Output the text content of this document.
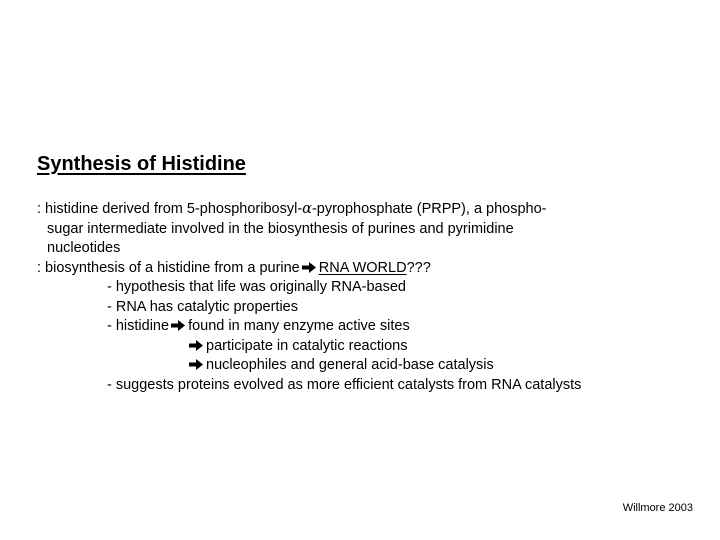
Synthesis of Histidine
: histidine derived from 5-phosphoribosyl-α-pyrophosphate (PRPP), a phospho-
sugar intermediate involved in the biosynthesis of purines and pyrimidine
nucleotides
: biosynthesis of a histidine from a purine RNA WORLD???
- hypothesis that life was originally RNA-based
- RNA has catalytic properties
- histidine found in many enzyme active sites
participate in catalytic reactions
nucleophiles and general acid-base catalysis
- suggests proteins evolved as more efficient catalysts from RNA catalysts
Willmore 2003
